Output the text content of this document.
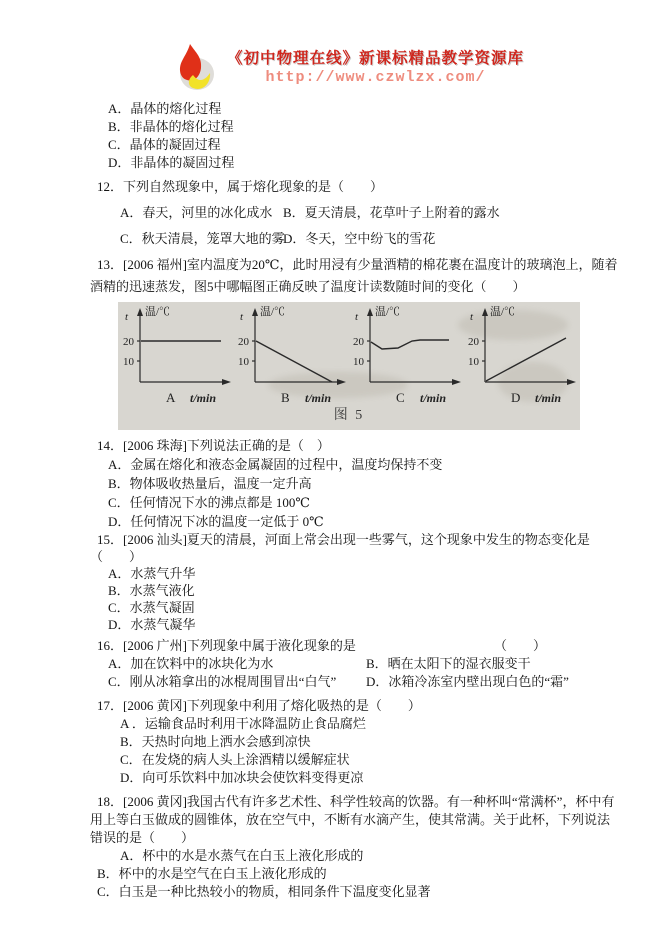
《初中物理在线》新课标精品教学资源库
http://www.czwlzx.com/
A．晶体的熔化过程
B．非晶体的熔化过程
C．晶体的凝固过程
D．非晶体的凝固过程
12．下列自然现象中，属于熔化现象的是（　　）
A．春天，河里的冰化成水 B．夏天清晨，花草叶子上附着的露水
C．秋天清晨，笼罩大地的雾
D．冬天，空中纷飞的雪花
13．[2006 福州]室内温度为20℃，此时用浸有少量酒精的棉花裹在温度计的玻璃泡上，随着
酒精的迅速蒸发，图5中哪幅图正确反映了温度计读数随时间的变化（　　）
t 温/℃
20
10
A t/min
t 温/℃
20
10
B t/min
t 温/℃
20
10
C t/min
t 温/℃
20
10
D t/min
图 5
14．[2006 珠海]下列说法正确的是（　）
A．金属在熔化和液态金属凝固的过程中，温度均保持不变
B．物体吸收热量后，温度一定升高
C．任何情况下水的沸点都是 100℃
D．任何情况下冰的温度一定低于 0℃
15．[2006 汕头]夏天的清晨，河面上常会出现一些雾气，这个现象中发生的物态变化是
（　　）
A．水蒸气升华
B．水蒸气液化
C．水蒸气凝固
D．水蒸气凝华
16．[2006 广州]下列现象中属于液化现象的是	（　　）
A．加在饮料中的冰块化为水	B．晒在太阳下的湿衣服变干
C．刚从冰箱拿出的冰棍周围冒出“白气”	D．冰箱冷冻室内壁出现白色的“霜”
17．[2006 黄冈]下列现象中利用了熔化吸热的是（　　）
A ．运输食品时利用干冰降温防止食品腐烂
B．天热时向地上洒水会感到凉快
C．在发烧的病人头上涂酒精以缓解症状
D．向可乐饮料中加冰块会使饮料变得更凉
18．[2006 黄冈]我国古代有许多艺术性、科学性较高的饮器。有一种杯叫“常满杯”，杯中有
用上等白玉做成的圆锥体，放在空气中，不断有水滴产生，使其常满。关于此杯，下列说法
错误的是（　　）
A．杯中的水是水蒸气在白玉上液化形成的
B．杯中的水是空气在白玉上液化形成的
C．白玉是一种比热较小的物质，相同条件下温度变化显著
